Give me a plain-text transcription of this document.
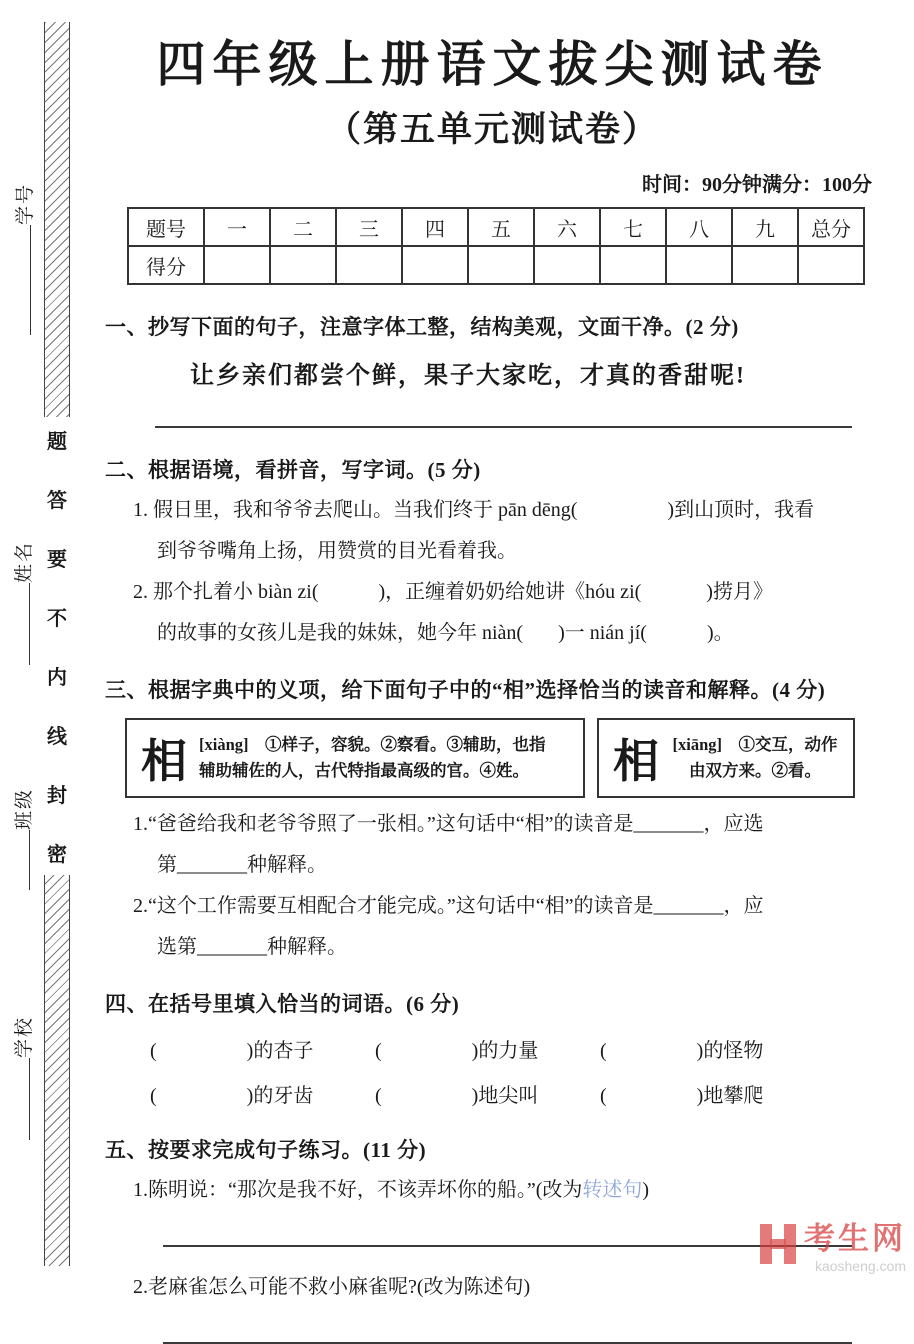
题
答
要
不
内
线
封
密
学号
姓名
班级
学校
四年级上册语文拔尖测试卷
（第五单元测试卷）
时间：90分钟满分：100分
题号	一	二	三	四	五	六	七	八	九	总分
得分										
一、抄写下面的句子，注意字体工整，结构美观，文面干净。(2 分)
让乡亲们都尝个鲜，果子大家吃，才真的香甜呢!
二、根据语境，看拼音，写字词。(5 分)
1. 假日里，我和爷爷去爬山。当我们终于 pān dēng(                  )到山顶时，我看
到爷爷嘴角上扬，用赞赏的目光看着我。
2. 那个扎着小 biàn zi(            )，正缠着奶奶给她讲《hóu zi(             )捞月》
的故事的女孩儿是我的妹妹，她今年 niàn(       )一 nián jí(            )。
三、根据字典中的义项，给下面句子中的“相”选择恰当的读音和解释。(4 分)
相 [xiàng]　 ①样子，容貌。②察看。③辅助，也指辅助辅佐的人，古代特指最高级的官。④姓。	相 [xiāng]　 ①交互，动作由双方来。②看。
1.“爸爸给我和老爷爷照了一张相。”这句话中“相”的读音是_______，应选
第_______种解释。
2.“这个工作需要互相配合才能完成。”这句话中“相”的读音是_______，应
选第_______种解释。
四、在括号里填入恰当的词语。(6 分)
(                  )的杏子	(                  )的力量	(                  )的怪物
(                  )的牙齿	(                  )地尖叫	(                  )地攀爬
五、按要求完成句子练习。(11 分)
1.陈明说：“那次是我不好，不该弄坏你的船。”(改为转述句)
2.老麻雀怎么可能不救小麻雀呢?(改为陈述句)
考生网
kaosheng.com
